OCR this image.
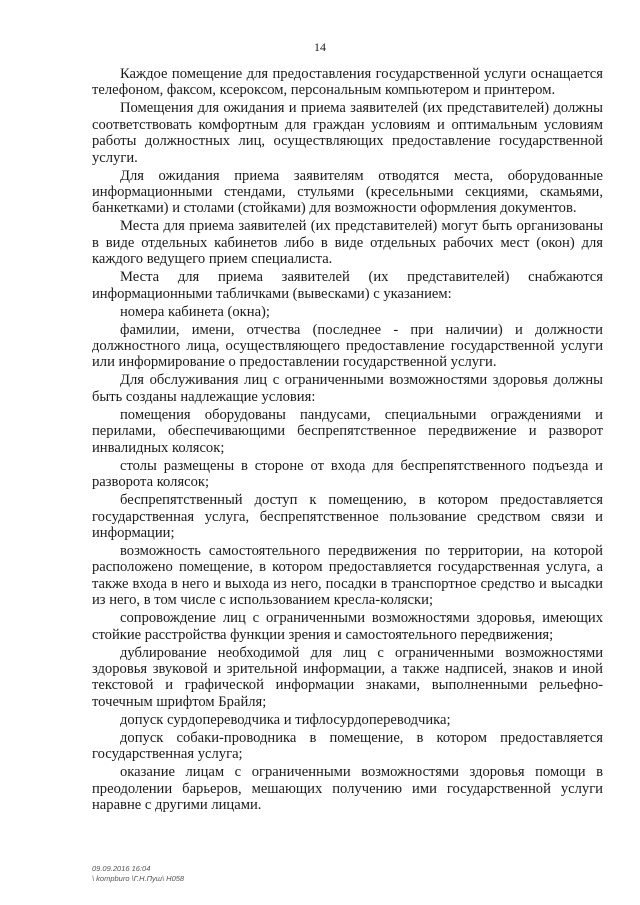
14

Каждое помещение для предоставления государственной услуги оснащается телефоном, факсом, ксероксом, персональным компьютером и принтером.

Помещения для ожидания и приема заявителей (их представителей) должны соответствовать комфортным для граждан условиям и оптимальным условиям работы должностных лиц, осуществляющих предоставление государственной услуги.

Для ожидания приема заявителям отводятся места, оборудованные информационными стендами, стульями (кресельными секциями, скамьями, банкетками) и столами (стойками) для возможности оформления документов.

Места для приема заявителей (их представителей) могут быть организованы в виде отдельных кабинетов либо в виде отдельных рабочих мест (окон) для каждого ведущего прием специалиста.

Места для приема заявителей (их представителей) снабжаются информационными табличками (вывесками) с указанием:

номера кабинета (окна);

фамилии, имени, отчества (последнее - при наличии) и должности должностного лица, осуществляющего предоставление государственной услуги или информирование о предоставлении государственной услуги.

Для обслуживания лиц с ограниченными возможностями здоровья должны быть созданы надлежащие условия:

помещения оборудованы пандусами, специальными ограждениями и перилами, обеспечивающими беспрепятственное передвижение и разворот инвалидных колясок;

столы размещены в стороне от входа для беспрепятственного подъезда и разворота колясок;

беспрепятственный доступ к помещению, в котором предоставляется государственная услуга, беспрепятственное пользование средством связи и информации;

возможность самостоятельного передвижения по территории, на которой расположено помещение, в котором предоставляется государственная услуга, а также входа в него и выхода из него, посадки в транспортное средство и высадки из него, в том числе с использованием кресла-коляски;

сопровождение лиц с ограниченными возможностями здоровья, имеющих стойкие расстройства функции зрения и самостоятельного передвижения;

дублирование необходимой для лиц с ограниченными возможностями здоровья звуковой и зрительной информации, а также надписей, знаков и иной текстовой и графической информации знаками, выполненными рельефно-точечным шрифтом Брайля;

допуск сурдопереводчика и тифлосурдопереводчика;

допуск собаки-проводника в помещение, в котором предоставляется государственная услуга;

оказание лицам с ограниченными возможностями здоровья помощи в преодолении барьеров, мешающих получению ими государственной услуги наравне с другими лицами.

09.09.2016 16:04
\ kompburo \Г.Н.Пуш\ Н058
